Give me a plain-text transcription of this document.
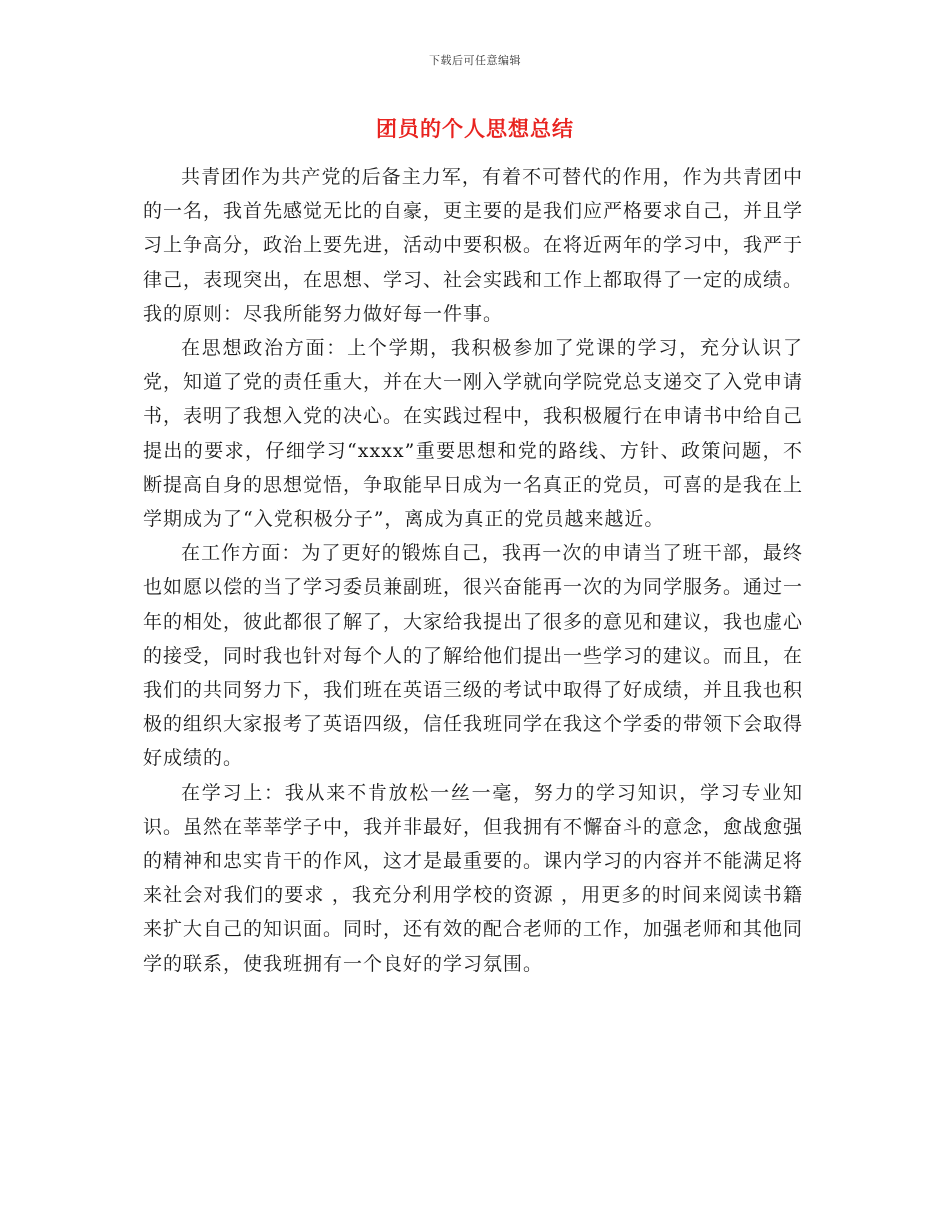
下载后可任意编辑
团员的个人思想总结

共青团作为共产党的后备主力军，有着不可替代的作用，作为共青团中的一名，我首先感觉无比的自豪，更主要的是我们应严格要求自己，并且学习上争高分，政治上要先进，活动中要积极。在将近两年的学习中，我严于律己，表现突出，在思想、学习、社会实践和工作上都取得了一定的成绩。我的原则：尽我所能努力做好每一件事。

在思想政治方面：上个学期，我积极参加了党课的学习，充分认识了党，知道了党的责任重大，并在大一刚入学就向学院党总支递交了入党申请书，表明了我想入党的决心。在实践过程中，我积极履行在申请书中给自己提出的要求，仔细学习“xxxx”重要思想和党的路线、方针、政策问题，不断提高自身的思想觉悟，争取能早日成为一名真正的党员，可喜的是我在上学期成为了“入党积极分子”，离成为真正的党员越来越近。

在工作方面：为了更好的锻炼自己，我再一次的申请当了班干部，最终也如愿以偿的当了学习委员兼副班，很兴奋能再一次的为同学服务。通过一年的相处，彼此都很了解了，大家给我提出了很多的意见和建议，我也虚心的接受，同时我也针对每个人的了解给他们提出一些学习的建议。而且，在我们的共同努力下，我们班在英语三级的考试中取得了好成绩，并且我也积极的组织大家报考了英语四级，信任我班同学在我这个学委的带领下会取得好成绩的。

在学习上：我从来不肯放松一丝一毫，努力的学习知识，学习专业知识。虽然在莘莘学子中，我并非最好，但我拥有不懈奋斗的意念，愈战愈强的精神和忠实肯干的作风，这才是最重要的。课内学习的内容并不能满足将来社会对我们的要求 ，我充分利用学校的资源 ，用更多的时间来阅读书籍来扩大自己的知识面。同时，还有效的配合老师的工作，加强老师和其他同学的联系，使我班拥有一个良好的学习氛围。
